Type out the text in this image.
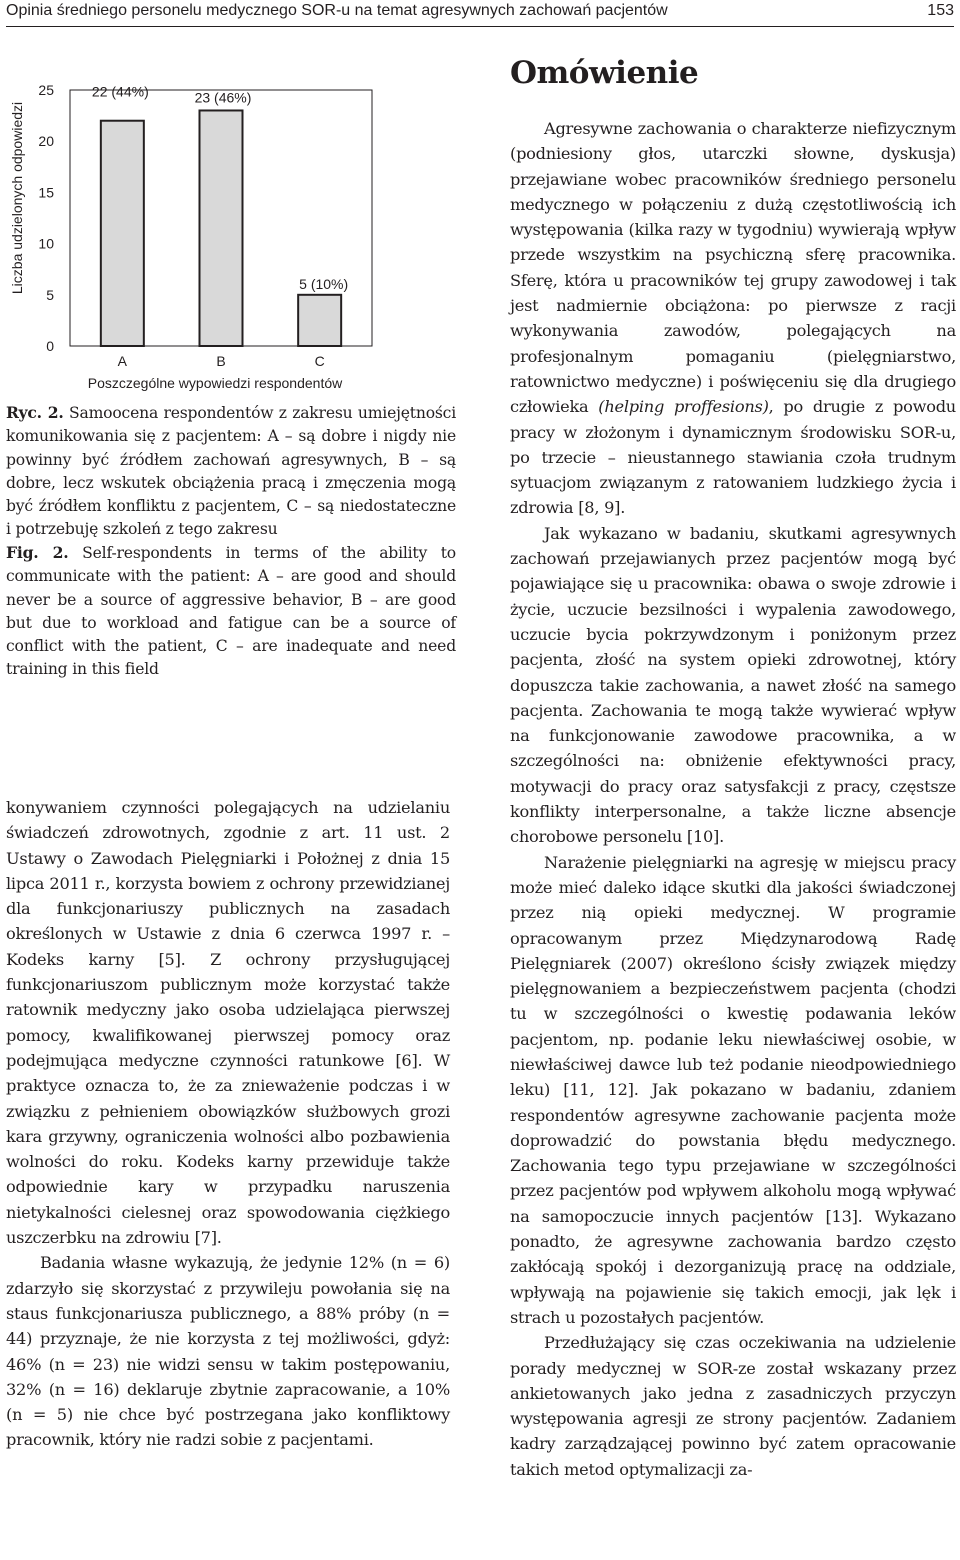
Opinia średniego personelu medycznego SOR-u na temat agresywnych zachowań pacjentów	153
0
5
10
15
20
25
Liczba udzielonych odpowiedzi
22 (44%)
A
23 (46%)
B
5 (10%)
C
Poszczególne wypowiedzi respondentów
Ryc. 2. Samoocena respondentów z zakresu umiejętności komunikowania się z pacjentem: A – są dobre i nigdy nie powinny być źródłem zachowań agresywnych, B – są dobre, lecz wskutek obciążenia pracą i zmęczenia mogą być źródłem konfliktu z pacjentem, C – są niedostateczne i potrzebuję szkoleń z tego zakresu
Fig. 2. Self-respondents in terms of the ability to communicate with the patient: A – are good and should never be a source of aggressive behavior, B – are good but due to workload and fatigue can be a source of conflict with the patient, C – are inadequate and need training in this field

konywaniem czynności polegających na udzielaniu świadczeń zdrowotnych, zgodnie z art. 11 ust. 2 Ustawy o Zawodach Pielęgniarki i Położnej z dnia 15 lipca 2011 r., korzysta bowiem z ochrony przewidzianej dla funkcjonariuszy publicznych na zasadach określonych w Ustawie z dnia 6 czerwca 1997 r. – Kodeks karny [5]. Z ochrony przysługującej funkcjonariuszom publicznym może korzystać także ratownik medyczny jako osoba udzielająca pierwszej pomocy, kwalifikowanej pierwszej pomocy oraz podejmująca medyczne czynności ratunkowe [6]. W praktyce oznacza to, że za znieważenie podczas i w związku z pełnieniem obowiązków służbowych grozi kara grzywny, ograniczenia wolności albo pozbawienia wolności do roku. Kodeks karny przewiduje także odpowiednie kary w przypadku naruszenia nietykalności cielesnej oraz spowodowania ciężkiego uszczerbku na zdrowiu [7].

Badania własne wykazują, że jedynie 12% (n = 6) zdarzyło się skorzystać z przywileju powołania się na staus funkcjonariusza publicznego, a 88% próby (n = 44) przyznaje, że nie korzysta z tej możliwości, gdyż: 46% (n = 23) nie widzi sensu w takim postępowaniu, 32% (n = 16) deklaruje zbytnie zapracowanie, a 10% (n = 5) nie chce być postrzegana jako konfliktowy pracownik, który nie radzi sobie z pacjentami.

Omówienie

Agresywne zachowania o charakterze niefizycznym (podniesiony głos, utarczki słowne, dyskusja) przejawiane wobec pracowników średniego personelu medycznego w połączeniu z dużą częstotliwością ich występowania (kilka razy w tygodniu) wywierają wpływ przede wszystkim na psychiczną sferę pracownika. Sferę, która u pracowników tej grupy zawodowej i tak jest nadmiernie obciążona: po pierwsze z racji wykonywania zawodów, polegających na profesjonalnym pomaganiu (pielęgniarstwo, ratownictwo medyczne) i poświęceniu się dla drugiego człowieka (helping proffesions), po drugie z powodu pracy w złożonym i dynamicznym środowisku SOR-u, po trzecie – nieustannego stawiania czoła trudnym sytuacjom związanym z ratowaniem ludzkiego życia i zdrowia [8, 9].

Jak wykazano w badaniu, skutkami agresywnych zachowań przejawianych przez pacjentów mogą być pojawiające się u pracownika: obawa o swoje zdrowie i życie, uczucie bezsilności i wypalenia zawodowego, uczucie bycia pokrzywdzonym i poniżonym przez pacjenta, złość na system opieki zdrowotnej, który dopuszcza takie zachowania, a nawet złość na samego pacjenta. Zachowania te mogą także wywierać wpływ na funkcjonowanie zawodowe pracownika, a w szczególności na: obniżenie efektywności pracy, motywacji do pracy oraz satysfakcji z pracy, częstsze konflikty interpersonalne, a także liczne absencje chorobowe personelu [10].

Narażenie pielęgniarki na agresję w miejscu pracy może mieć daleko idące skutki dla jakości świadczonej przez nią opieki medycznej. W programie opracowanym przez Międzynarodową Radę Pielęgniarek (2007) określono ścisły związek między pielęgnowaniem a bezpieczeństwem pacjenta (chodzi tu w szczególności o kwestię podawania leków pacjentom, np. podanie leku niewłaściwej osobie, w niewłaściwej dawce lub też podanie nieodpowiedniego leku) [11, 12]. Jak pokazano w badaniu, zdaniem respondentów agresywne zachowanie pacjenta może doprowadzić do powstania błędu medycznego. Zachowania tego typu przejawiane w szczególności przez pacjentów pod wpływem alkoholu mogą wpływać na samopoczucie innych pacjentów [13]. Wykazano ponadto, że agresywne zachowania bardzo często zakłócają spokój i dezorganizują pracę na oddziale, wpływają na pojawienie się takich emocji, jak lęk i strach u pozostałych pacjentów.

Przedłużający się czas oczekiwania na udzielenie porady medycznej w SOR-ze został wskazany przez ankietowanych jako jedna z zasadniczych przyczyn występowania agresji ze strony pacjentów. Zadaniem kadry zarządzającej powinno być zatem opracowanie takich metod optymalizacji za-
